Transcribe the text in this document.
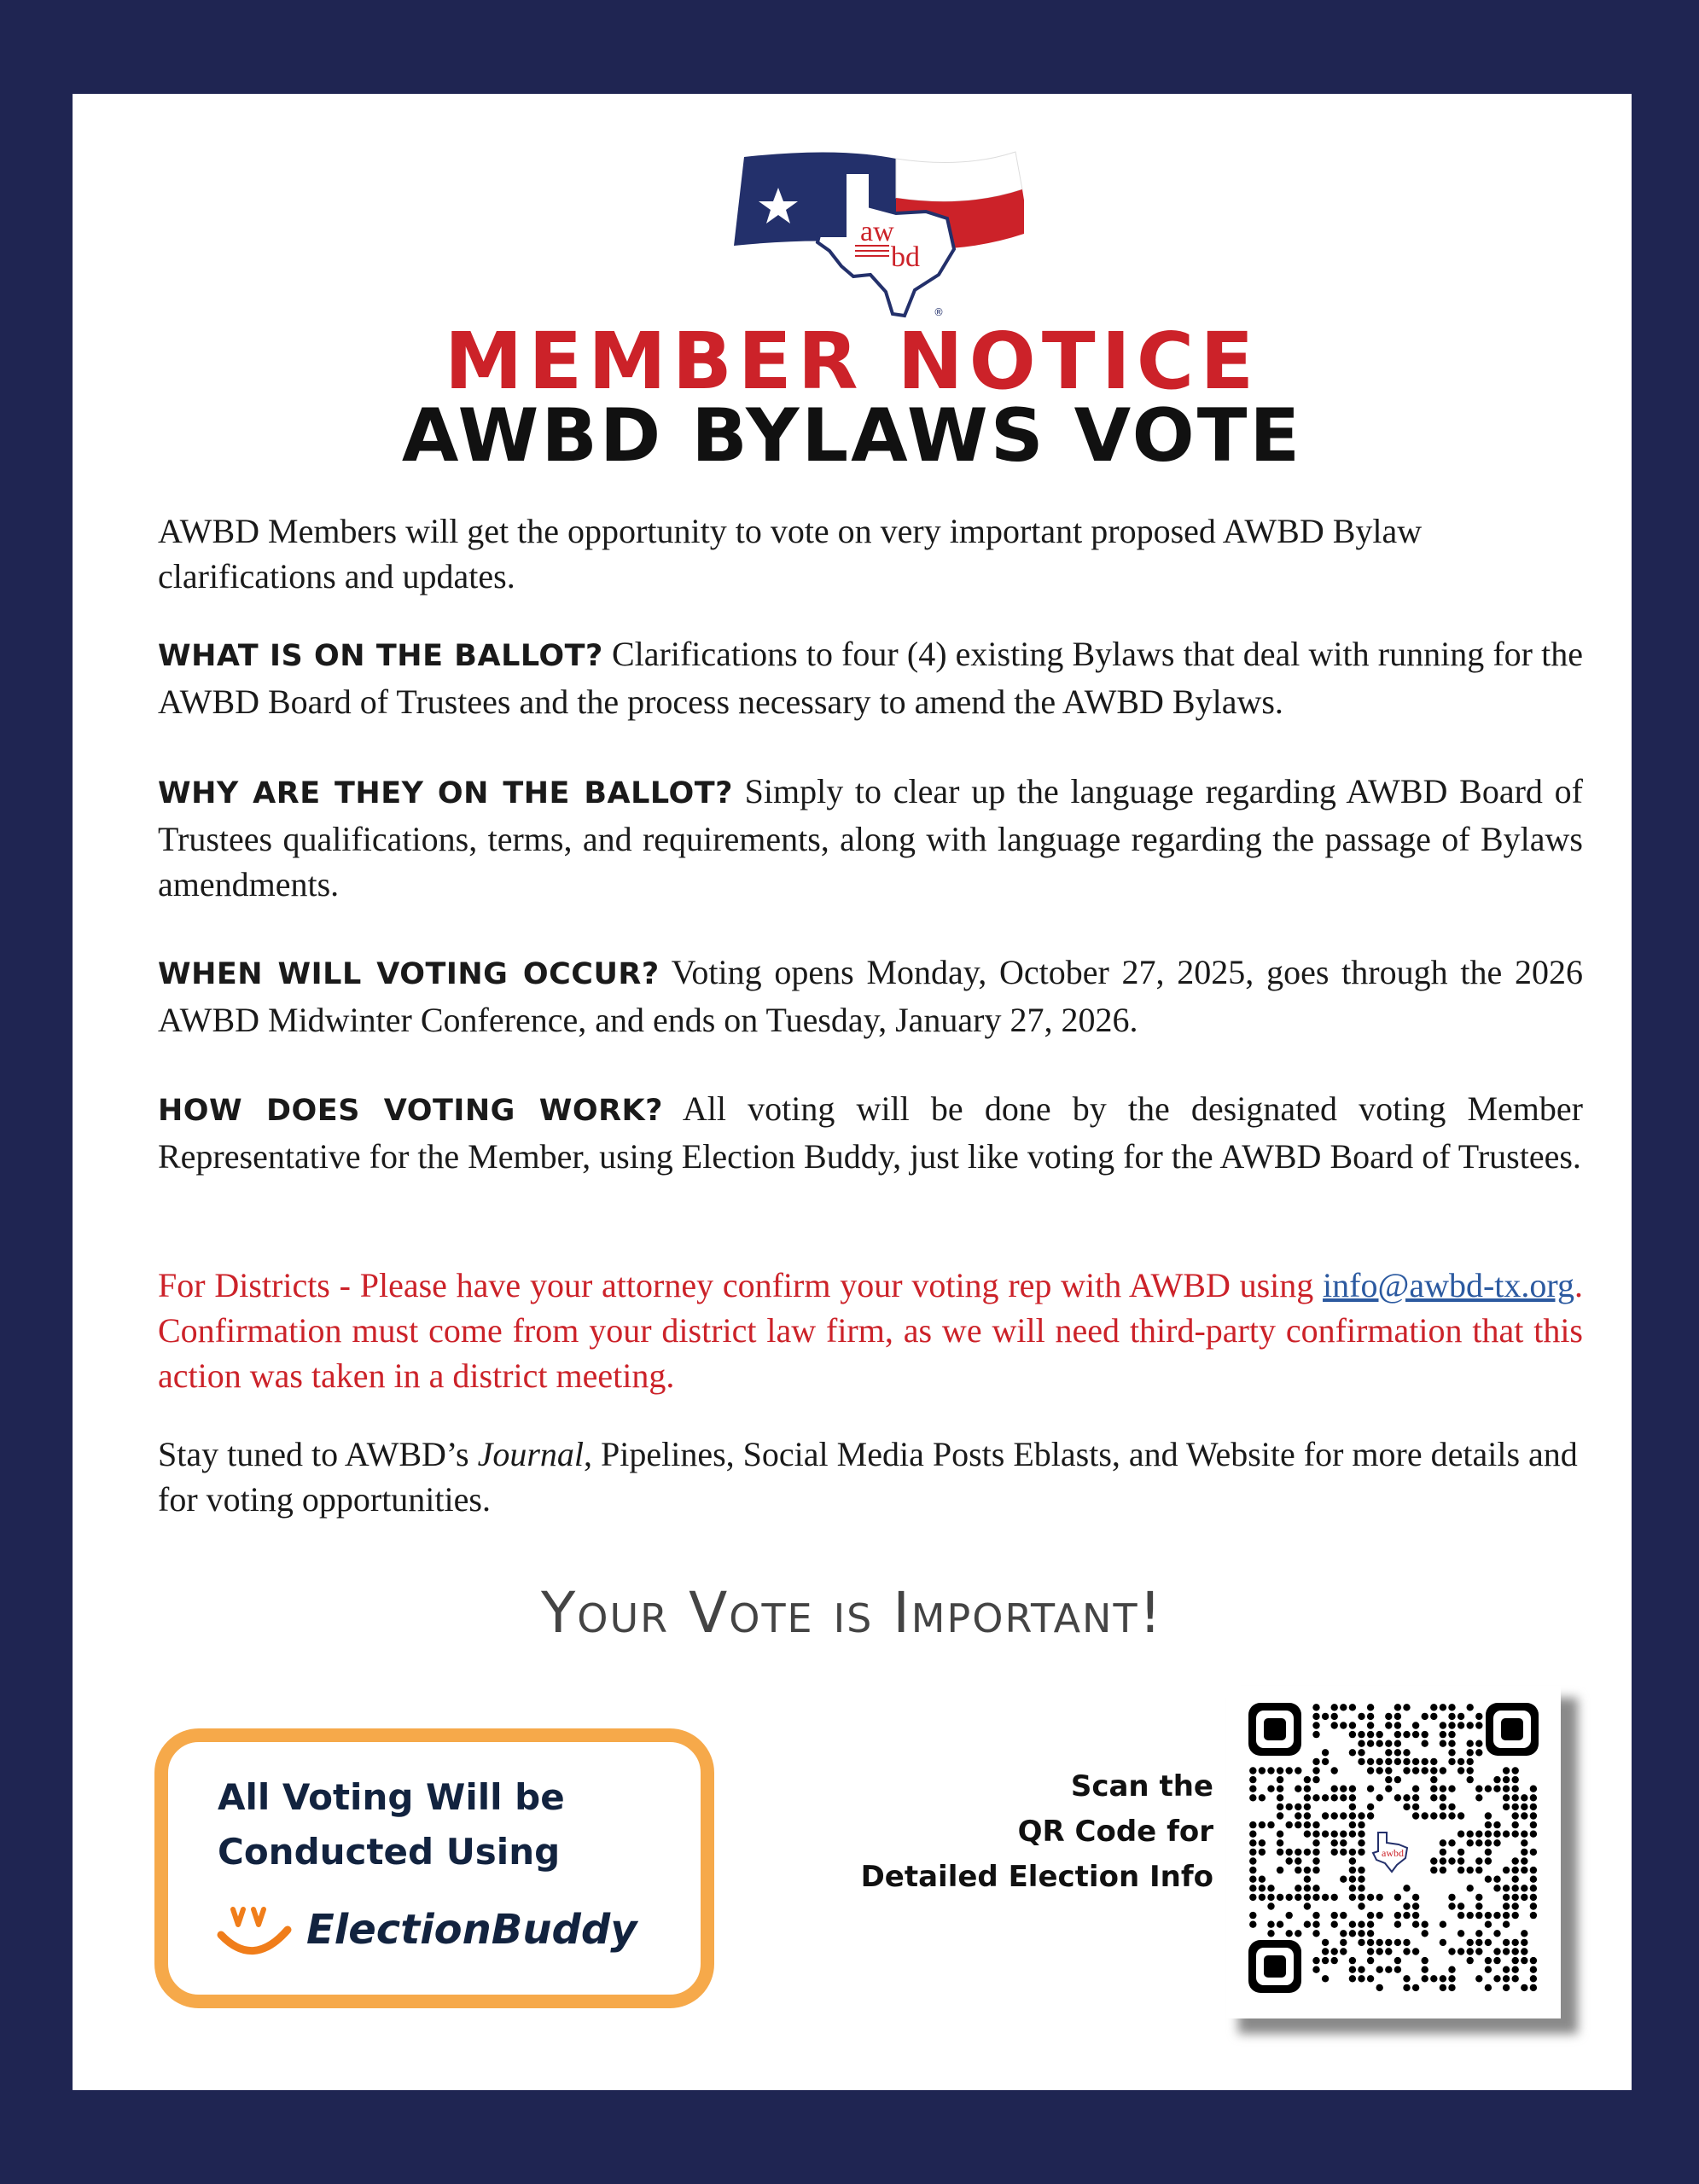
aw
bd
®
MEMBER NOTICE
AWBD BYLAWS VOTE

AWBD Members will get the opportunity to vote on very important proposed AWBD Bylaw clarifications and updates.

WHAT IS ON THE BALLOT? Clarifications to four (4) existing Bylaws that deal with running for the AWBD Board of Trustees and the process necessary to amend the AWBD Bylaws.

WHY ARE THEY ON THE BALLOT? Simply to clear up the language regarding AWBD Board of Trustees qualifications, terms, and requirements, along with language regarding the passage of Bylaws amendments.

WHEN WILL VOTING OCCUR? Voting opens Monday, October 27, 2025, goes through the 2026 AWBD Midwinter Conference, and ends on Tuesday, January 27, 2026.

HOW DOES VOTING WORK? All voting will be done by the designated voting Member Representative for the Member, using Election Buddy, just like voting for the AWBD Board of Trustees.

For Districts - Please have your attorney confirm your voting rep with AWBD using info@awbd-tx.org. Confirmation must come from your district law firm, as we will need third-party confirmation that this action was taken in a district meeting.

Stay tuned to AWBD’s Journal, Pipelines, Social Media Posts Eblasts, and Website for more details and for voting opportunities.

Your Vote is Important!
All Voting Will be
Conducted Using
ElectionBuddy
Scan the
QR Code for
Detailed Election Info
awbd
